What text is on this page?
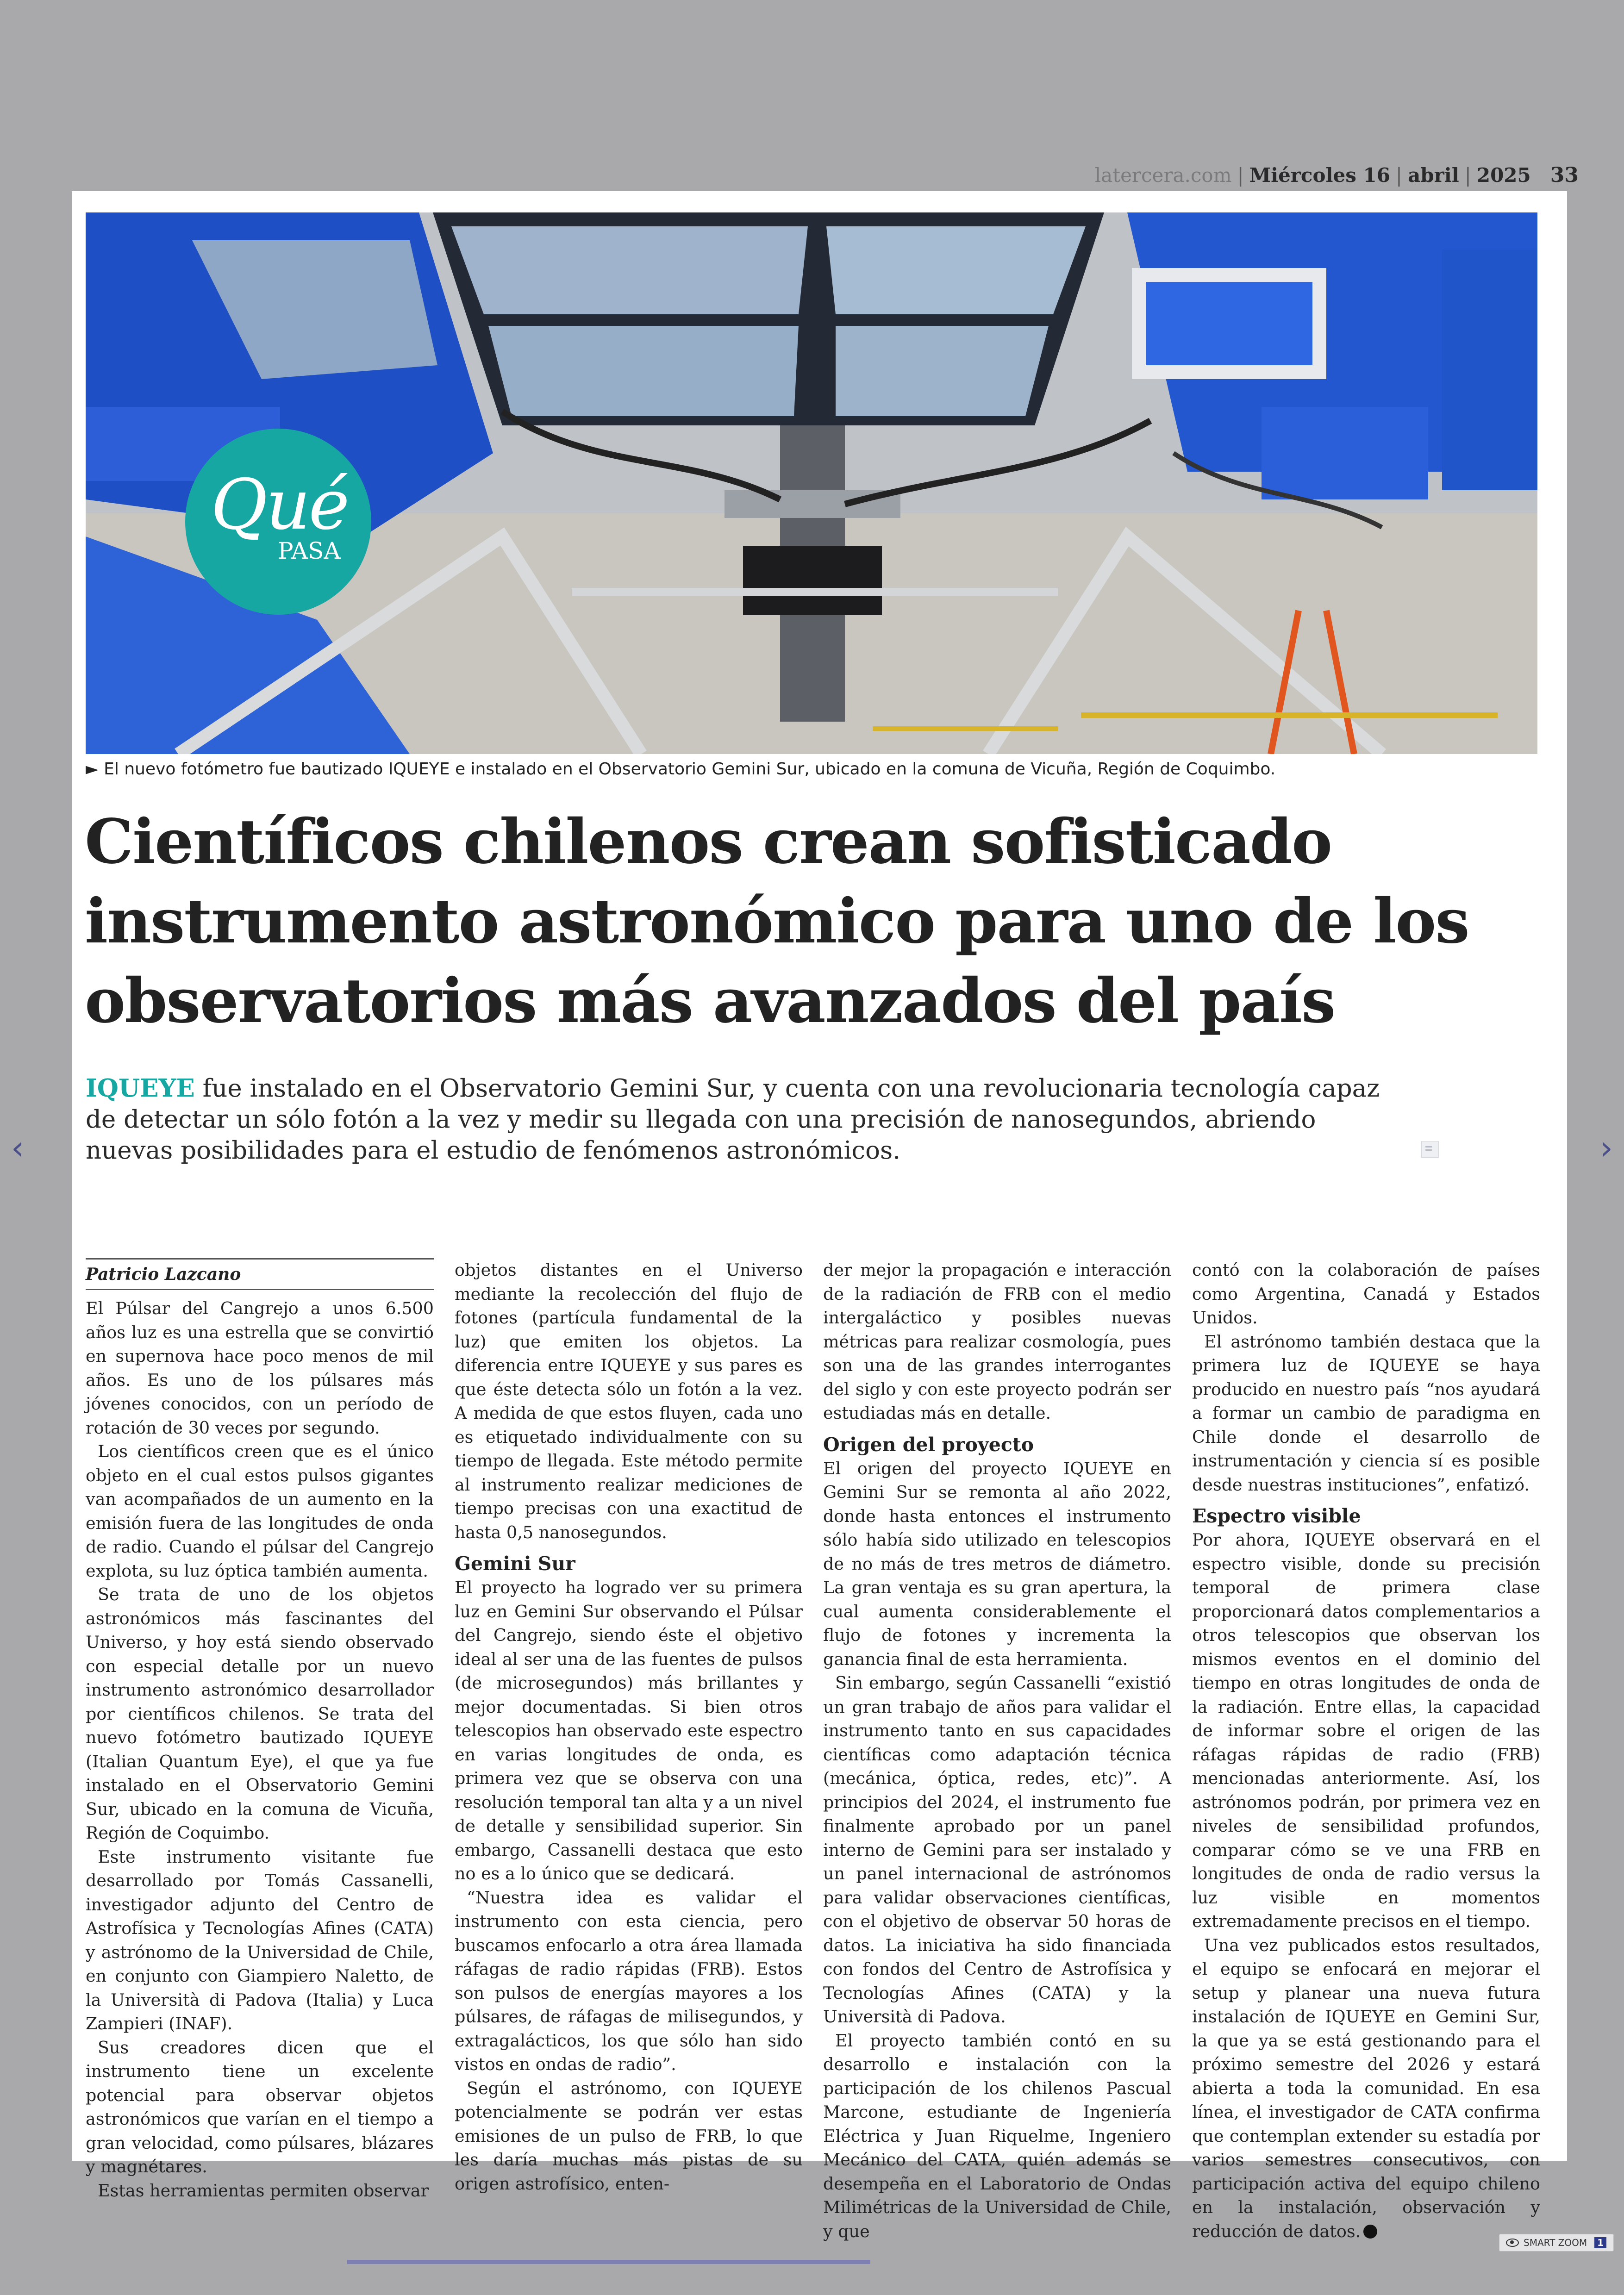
latercera.com | Miércoles 16 | abril | 2025 33
Qué
PASA
► El nuevo fotómetro fue bautizado IQUEYE e instalado en el Observatorio Gemini Sur, ubicado en la comuna de Vicuña, Región de Coquimbo.
Científicos chilenos crean sofisticado instrumento astronómico para uno de los observatorios más avanzados del país
IQUEYE fue instalado en el Observatorio Gemini Sur, y cuenta con una revolucionaria tecnología capaz de detectar un sólo fotón a la vez y medir su llegada con una precisión de nanosegundos, abriendo nuevas posibilidades para el estudio de fenómenos astronómicos.
Patricio Lazcano

El Púlsar del Cangrejo a unos 6.500 años luz es una estrella que se convirtió en supernova hace poco menos de mil años. Es uno de los púlsares más jóvenes conocidos, con un período de rotación de 30 veces por segundo.

Los científicos creen que es el único objeto en el cual estos pulsos gigantes van acompañados de un aumento en la emisión fuera de las longitudes de onda de radio. Cuando el púlsar del Cangrejo explota, su luz óptica también aumenta.

Se trata de uno de los objetos astronómicos más fascinantes del Universo, y hoy está siendo observado con especial detalle por un nuevo instrumento astronómico desarrollador por científicos chilenos. Se trata del nuevo fotómetro bautizado IQUEYE (Italian Quantum Eye), el que ya fue instalado en el Observatorio Gemini Sur, ubicado en la comuna de Vicuña, Región de Coquimbo.

Este instrumento visitante fue desarrollado por Tomás Cassanelli, investigador adjunto del Centro de Astrofísica y Tecnologías Afines (CATA) y astrónomo de la Universidad de Chile, en conjunto con Giampiero Naletto, de la Università di Padova (Italia) y Luca Zampieri (INAF).

Sus creadores dicen que el instrumento tiene un excelente potencial para observar objetos astronómicos que varían en el tiempo a gran velocidad, como púlsares, blázares y magnétares.

Estas herramientas permiten observar

objetos distantes en el Universo mediante la recolección del flujo de fotones (partícula fundamental de la luz) que emiten los objetos. La diferencia entre IQUEYE y sus pares es que éste detecta sólo un fotón a la vez. A medida de que estos fluyen, cada uno es etiquetado individualmente con su tiempo de llegada. Este método permite al instrumento realizar mediciones de tiempo precisas con una exactitud de hasta 0,5 nanosegundos.

Gemini Sur

El proyecto ha logrado ver su primera luz en Gemini Sur observando el Púlsar del Cangrejo, siendo éste el objetivo ideal al ser una de las fuentes de pulsos (de microsegundos) más brillantes y mejor documentadas. Si bien otros telescopios han observado este espectro en varias longitudes de onda, es primera vez que se observa con una resolución temporal tan alta y a un nivel de detalle y sensibilidad superior. Sin embargo, Cassanelli destaca que esto no es a lo único que se dedicará.

“Nuestra idea es validar el instrumento con esta ciencia, pero buscamos enfocarlo a otra área llamada ráfagas de radio rápidas (FRB). Estos son pulsos de energías mayores a los púlsares, de ráfagas de milisegundos, y extragalácticos, los que sólo han sido vistos en ondas de radio”.

Según el astrónomo, con IQUEYE potencialmente se podrán ver estas emisiones de un pulso de FRB, lo que les daría muchas más pistas de su origen astrofísico, enten-

der mejor la propagación e interacción de la radiación de FRB con el medio intergaláctico y posibles nuevas métricas para realizar cosmología, pues son una de las grandes interrogantes del siglo y con este proyecto podrán ser estudiadas más en detalle.

Origen del proyecto

El origen del proyecto IQUEYE en Gemini Sur se remonta al año 2022, donde hasta entonces el instrumento sólo había sido utilizado en telescopios de no más de tres metros de diámetro. La gran ventaja es su gran apertura, la cual aumenta considerablemente el flujo de fotones y incrementa la ganancia final de esta herramienta.

Sin embargo, según Cassanelli “existió un gran trabajo de años para validar el instrumento tanto en sus capacidades científicas como adaptación técnica (mecánica, óptica, redes, etc)”. A principios del 2024, el instrumento fue finalmente aprobado por un panel interno de Gemini para ser instalado y un panel internacional de astrónomos para validar observaciones científicas, con el objetivo de observar 50 horas de datos. La iniciativa ha sido financiada con fondos del Centro de Astrofísica y Tecnologías Afines (CATA) y la Università di Padova.

El proyecto también contó en su desarrollo e instalación con la participación de los chilenos Pascual Marcone, estudiante de Ingeniería Eléctrica y Juan Riquelme, Ingeniero Mecánico del CATA, quién además se desempeña en el Laboratorio de Ondas Milimétricas de la Universidad de Chile, y que

contó con la colaboración de países como Argentina, Canadá y Estados Unidos.

El astrónomo también destaca que la primera luz de IQUEYE se haya producido en nuestro país “nos ayudará a formar un cambio de paradigma en Chile donde el desarrollo de instrumentación y ciencia sí es posible desde nuestras instituciones”, enfatizó.

Espectro visible

Por ahora, IQUEYE observará en el espectro visible, donde su precisión temporal de primera clase proporcionará datos complementarios a otros telescopios que observan los mismos eventos en el dominio del tiempo en otras longitudes de onda de la radiación. Entre ellas, la capacidad de informar sobre el origen de las ráfagas rápidas de radio (FRB) mencionadas anteriormente. Así, los astrónomos podrán, por primera vez en niveles de sensibilidad profundos, comparar cómo se ve una FRB en longitudes de onda de radio versus la luz visible en momentos extremadamente precisos en el tiempo.

Una vez publicados estos resultados, el equipo se enfocará en mejorar el setup y planear una nueva futura instalación de IQUEYE en Gemini Sur, la que ya se está gestionando para el próximo semestre del 2026 y estará abierta a toda la comunidad. En esa línea, el investigador de CATA confirma que contemplan extender su estadía por varios semestres consecutivos, con participación activa del equipo chileno en la instalación, observación y reducción de datos.

‹	›
SMART ZOOM	1
